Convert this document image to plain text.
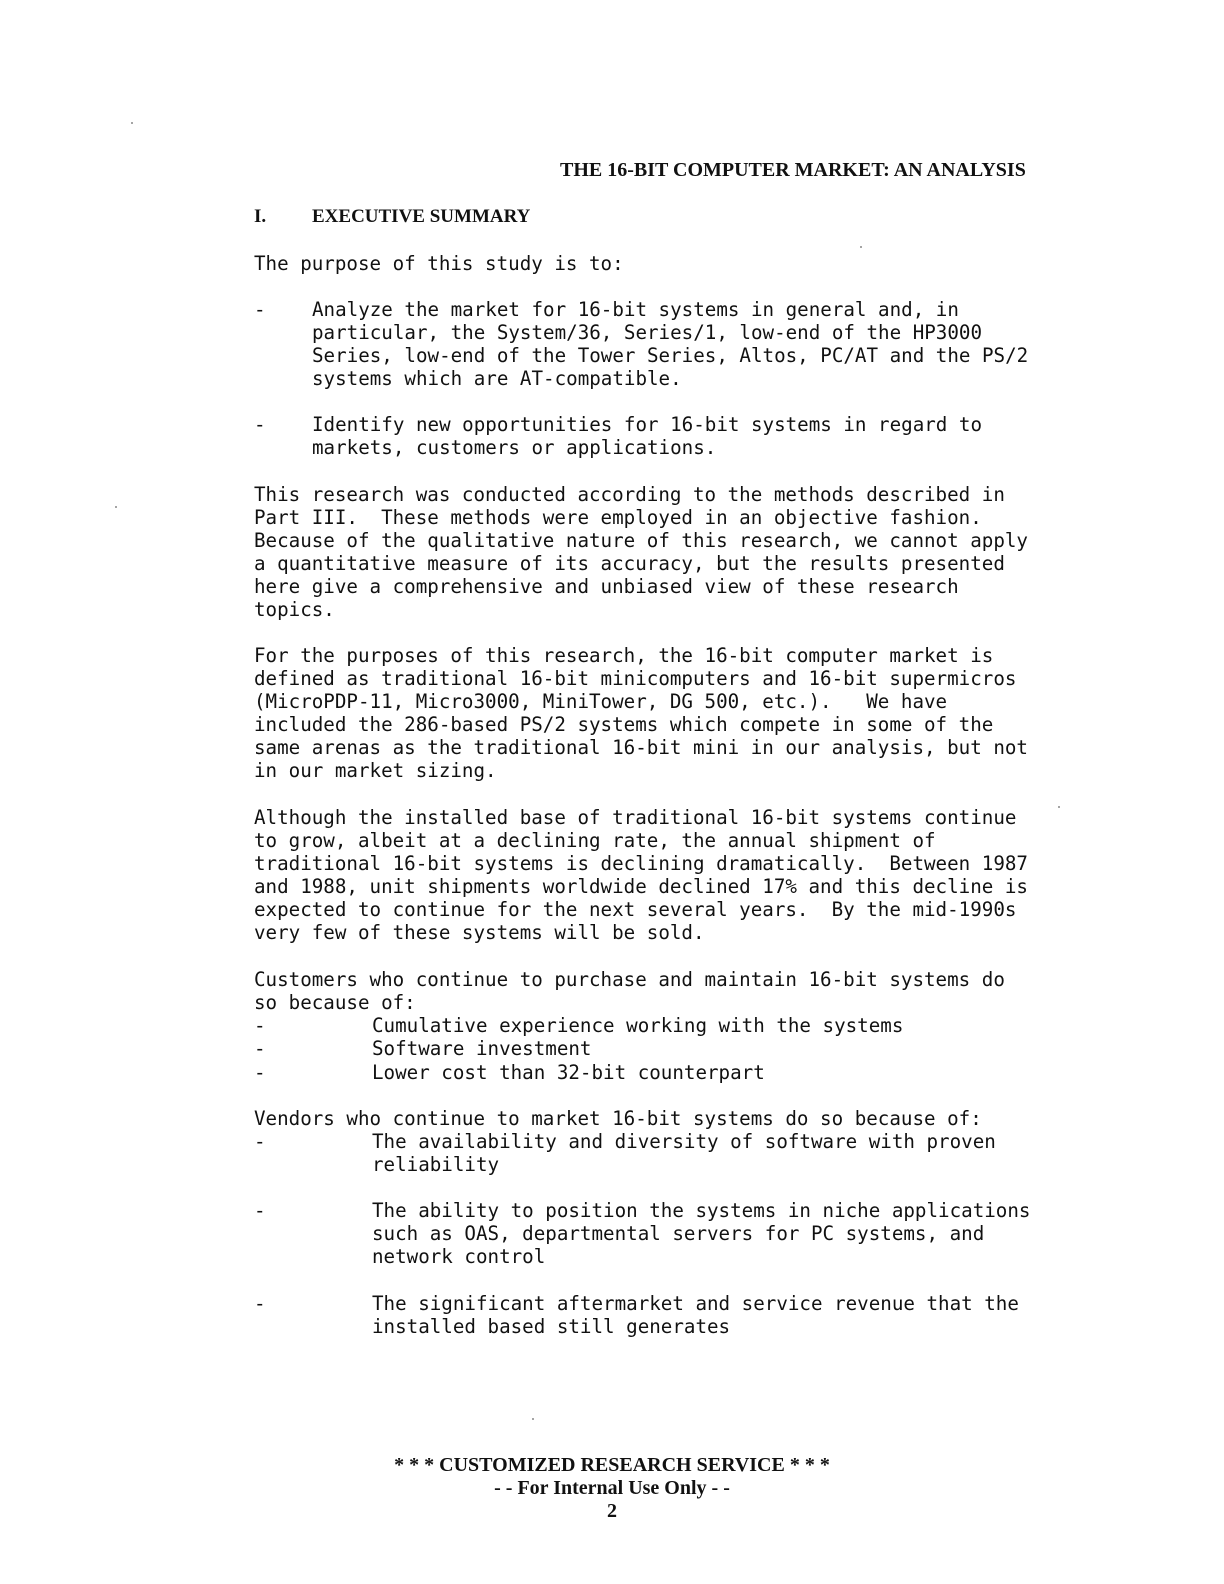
THE 16-BIT COMPUTER MARKET: AN ANALYSIS
I. EXECUTIVE SUMMARY
The purpose of this study is to:

-

Analyze the market for 16-bit systems in general and, in
particular, the System/36, Series/1, low-end of the HP3000
Series, low-end of the Tower Series, Altos, PC/AT and the PS/2
systems which are AT-compatible.

-

Identify new opportunities for 16-bit systems in regard to
markets, customers or applications.

This research was conducted according to the methods described in
Part III.  These methods were employed in an objective fashion.
Because of the qualitative nature of this research, we cannot apply
a quantitative measure of its accuracy, but the results presented
here give a comprehensive and unbiased view of these research
topics.
For the purposes of this research, the 16-bit computer market is
defined as traditional 16-bit minicomputers and 16-bit supermicros
(MicroPDP-11, Micro3000, MiniTower, DG 500, etc.).   We have
included the 286-based PS/2 systems which compete in some of the
same arenas as the traditional 16-bit mini in our analysis, but not
in our market sizing.
Although the installed base of traditional 16-bit systems continue
to grow, albeit at a declining rate, the annual shipment of
traditional 16-bit systems is declining dramatically.  Between 1987
and 1988, unit shipments worldwide declined 17% and this decline is
expected to continue for the next several years.  By the mid-1990s
very few of these systems will be sold.
Customers who continue to purchase and maintain 16-bit systems do
so because of:

-

	Cumulative experience working with the systems

-

	Software investment

-

	Lower cost than 32-bit counterpart

Vendors who continue to market 16-bit systems do so because of:

-

	The availability and diversity of software with proven
reliability

-

	The ability to position the systems in niche applications
such as OAS, departmental servers for PC systems, and
network control

-

	The significant aftermarket and service revenue that the
installed based still generates

* * * CUSTOMIZED RESEARCH SERVICE * * *
- - For Internal Use Only - -
2
